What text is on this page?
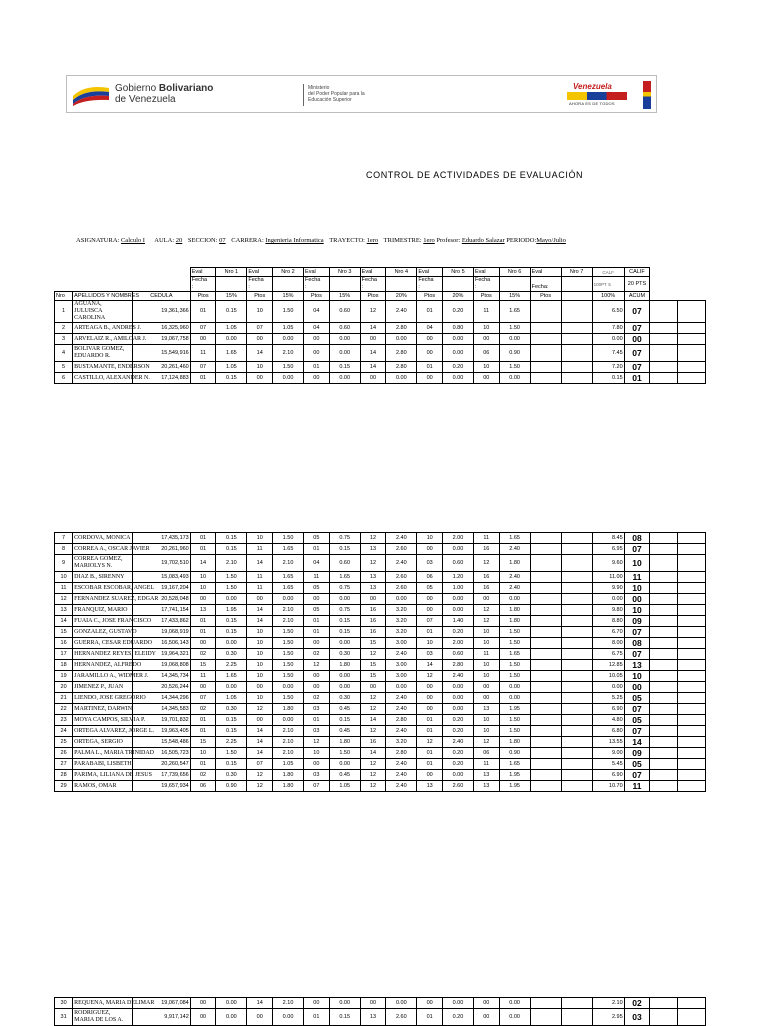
Gobierno Bolivariano
de Venezuela
Ministerio
del Poder Popular para la
Educación Superior
Venezuela
AHORA ES DE TODOS
CONTROL DE ACTIVIDADES DE EVALUACIÓN
ASIGNATURA: Calculo I AULA: 20 SECCION: 07 CARRERA: Ingenieria Informatica TRAYECTO: 1ero TRIMESTRE: 1ero Profesor: Eduardo Salazar PERIODO:Mayo/Julio
			Eval	Nro 1	Eval	Nro 2	Eval	Nro 3	Eval	Nro 4	Eval	Nro 5	Eval	Nro 6	Eval	Nro 7	CALF	CALIF		
			Fecha
:		Fecha
:		Fecha
:		Fecha
:		Fecha
:		Fecha
:		Fecha:		100PT S	20 PTS		
Nro	APELLIDOS Y NOMBRES	CEDULA	Ptos	15%	Ptos	15%	Ptos	15%	Ptos	20%	Ptos	20%	Ptos	15%	Ptos		100%	ACUM		
1	AGUANA, JULUISCA CAROLINA	19,361,366	01	0.15	10	1.50	04	0.60	12	2.40	01	0.20	11	1.65			6.50	07		
2	ARTEAGA B., ANDRES J.	16,325,960	07	1.05	07	1.05	04	0.60	14	2.80	04	0.80	10	1.50			7.80	07		
3	ARVELAIZ R., AMILCAR J.	19,067,758	00	0.00	00	0.00	00	0.00	00	0.00	00	0.00	00	0.00			0.00	00		
4	BOLIVAR GOMEZ, EDUARDO R.	15,549,916	11	1.65	14	2.10	00	0.00	14	2.80	00	0.00	06	0.90			7.45	07		
5	BUSTAMANTE, ENDERSON	20,261,460	07	1.05	10	1.50	01	0.15	14	2.80	01	0.20	10	1.50			7.20	07		
6	CASTILLO, ALEXANDER N.	17,124,883	01	0.15	00	0.00	00	0.00	00	0.00	00	0.00	00	0.00			0.15	01		
7	CORDOVA, MONICA	17,435,173	01	0.15	10	1.50	05	0.75	12	2.40	10	2.00	11	1.65			8.45	08		
8	CORREA A., OSCAR JAVIER	20,261,960	01	0.15	11	1.65	01	0.15	13	2.60	00	0.00	16	2.40			6.95	07		
9	CORREA GOMEZ, MARIOLYS N.	19,702,510	14	2.10	14	2.10	04	0.60	12	2.40	03	0.60	12	1.80			9.60	10		
10	DIAZ B., SIRENNY	15,083,493	10	1.50	11	1.65	11	1.65	13	2.60	06	1.20	16	2.40			11.00	11		
11	ESCOBAR ESCOBAR, ANGEL	19,167,204	10	1.50	11	1.65	05	0.75	13	2.60	05	1.00	16	2.40			9.90	10		
12	FERNANDEZ SUAREZ, EDGAR	20,528,048	00	0.00	00	0.00	00	0.00	00	0.00	00	0.00	00	0.00			0.00	00		
13	FRANQUIZ, MARIO	17,741,154	13	1.95	14	2.10	05	0.75	16	3.20	00	0.00	12	1.80			9.80	10		
14	FUAIA C., JOSE FRANCISCO	17,433,862	01	0.15	14	2.10	01	0.15	16	3.20	07	1.40	12	1.80			8.80	09		
15	GONZALEZ, GUSTAVO	19,068,919	01	0.15	10	1.50	01	0.15	16	3.20	01	0.20	10	1.50			6.70	07		
16	GUERRA, CESAR EDUARDO	16,506,143	00	0.00	10	1.50	00	0.00	15	3.00	10	2.00	10	1.50			8.00	08		
17	HERNANDEZ REYES, ELEIDY	19,964,321	02	0.30	10	1.50	02	0.30	12	2.40	03	0.60	11	1.65			6.75	07		
18	HERNANDEZ, ALFREDO	19,068,808	15	2.25	10	1.50	12	1.80	15	3.00	14	2.80	10	1.50			12.85	13		
19	JARAMILLO A., WIDMER J.	14,345,734	11	1.65	10	1.50	00	0.00	15	3.00	12	2.40	10	1.50			10.05	10		
20	JIMENEZ P., JUAN	20,526,244	00	0.00	00	0.00	00	0.00	00	0.00	00	0.00	00	0.00			0.00	00		
21	LIENDO, JOSE GREGORIO	14,344,296	07	1.05	10	1.50	02	0.30	12	2.40	00	0.00	00	0.00			5.25	05		
22	MARTINEZ, DARWIN	14,345,583	02	0.30	12	1.80	03	0.45	12	2.40	00	0.00	13	1.95			6.90	07		
23	MOYA CAMPOS, SILVIA P.	19,701,832	01	0.15	00	0.00	01	0.15	14	2.80	01	0.20	10	1.50			4.80	05		
24	ORTEGA ALVAREZ, JORGE L.	19,963,405	01	0.15	14	2.10	03	0.45	12	2.40	01	0.20	10	1.50			6.80	07		
25	ORTEGA, SERGIO	15,548,486	15	2.25	14	2.10	12	1.80	16	3.20	12	2.40	12	1.80			13.55	14		
26	PALMA L., MARIA TRINIDAD	16,505,723	10	1.50	14	2.10	10	1.50	14	2.80	01	0.20	06	0.90			9.00	09		
27	PARABABI, LISBETH	20,260,547	01	0.15	07	1.05	00	0.00	12	2.40	01	0.20	11	1.65			5.45	05		
28	PARIMA, LILIANA DE JESUS	17,739,656	02	0.30	12	1.80	03	0.45	12	2.40	00	0.00	13	1.95			6.90	07		
29	RAMOS, OMAR	19,657,934	06	0.90	12	1.80	07	1.05	12	2.40	13	2.60	13	1.95			10.70	11		
30	REQUENA, MARIA DELIMAR	19,067,084	00	0.00	14	2.10	00	0.00	00	0.00	00	0.00	00	0.00			2.10	02		
31	RODRIGUEZ, MARIA DE LOS A.	9,917,142	00	0.00	00	0.00	01	0.15	13	2.60	01	0.20	00	0.00			2.95	03		
